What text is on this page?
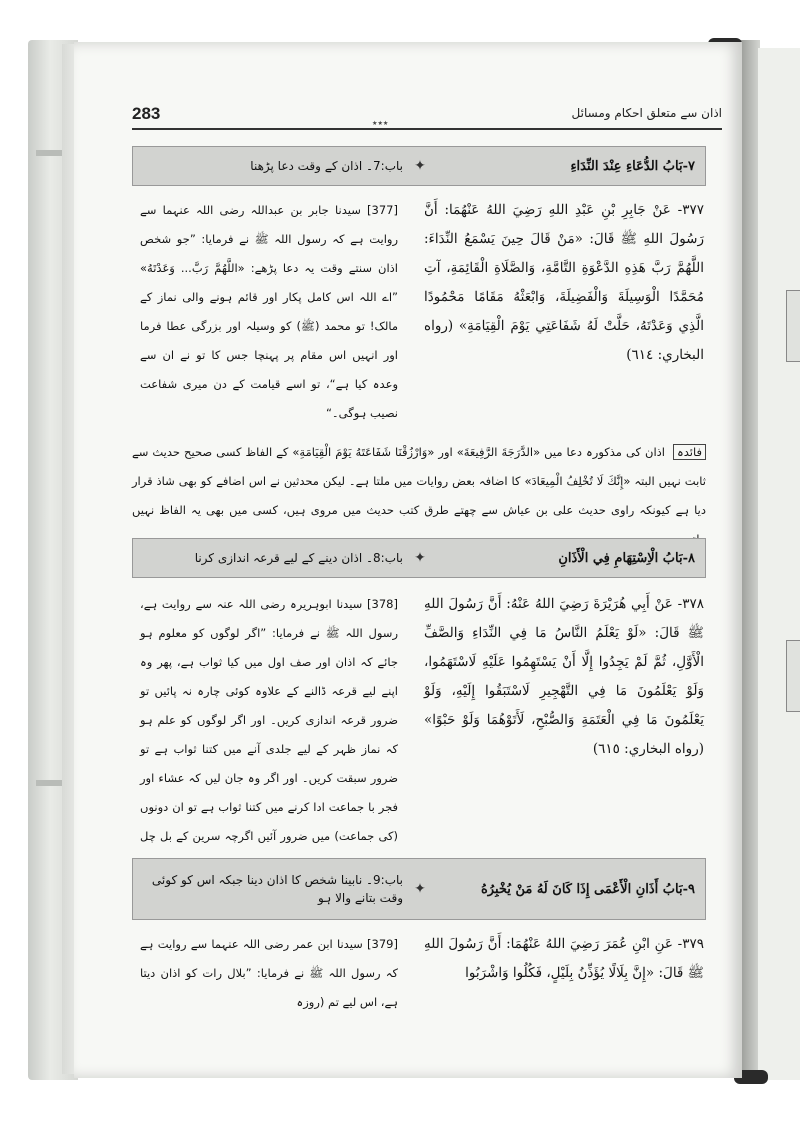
283
٭٭٭
اذان سے متعلق احکام ومسائل
باب:7۔ اذان کے وقت دعا پڑھنا ✦	٧-بَابُ الدُّعَاءِ عِنْدَ النِّدَاءِ
٣٧٧- عَنْ جَابِرِ بْنِ عَبْدِ اللهِ رَضِيَ اللهُ عَنْهُمَا: أَنَّ رَسُولَ اللهِ ﷺ قَالَ: «مَنْ قَالَ حِينَ يَسْمَعُ النِّدَاءَ: اللَّهُمَّ رَبَّ هَذِهِ الدَّعْوَةِ التَّامَّةِ، وَالصَّلَاةِ الْقَائِمَةِ، آتِ مُحَمَّدًا الْوَسِيلَةَ وَالْفَضِيلَةَ، وَابْعَثْهُ مَقَامًا مَحْمُودًا الَّذِي وَعَدْتَهُ، حَلَّتْ لَهُ شَفَاعَتِي يَوْمَ الْقِيَامَةِ» (رواه البخاري: ٦١٤)
[377] سیدنا جابر بن عبداللہ رضی اللہ عنہما سے روایت ہے کہ رسول اللہ ﷺ نے فرمایا: ”جو شخص اذان سنتے وقت یہ دعا پڑھے: «اللَّهُمَّ رَبَّ... وَعَدْتَهُ» ”اے اللہ اس کامل پکار اور قائم ہونے والی نماز کے مالک! تو محمد (ﷺ) کو وسیلہ اور بزرگی عطا فرما اور انہیں اس مقام پر پہنچا جس کا تو نے ان سے وعدہ کیا ہے“، تو اسے قیامت کے دن میری شفاعت نصیب ہوگی۔“
فائدہ اذان کی مذکورہ دعا میں «الدَّرَجَةَ الرَّفِيعَةَ» اور «وَارْزُقْنَا شَفَاعَتَهُ يَوْمَ الْقِيَامَةِ» کے الفاظ کسی صحیح حدیث سے ثابت نہیں البتہ «إِنَّكَ لَا تُخْلِفُ الْمِيعَادَ» کا اضافہ بعض روایات میں ملتا ہے۔ لیکن محدثین نے اس اضافے کو بھی شاذ قرار دیا ہے کیونکہ راوی حدیث علی بن عیاش سے چھتے طرق کتب حدیث میں مروی ہیں، کسی میں بھی یہ الفاظ نہیں
باب:8۔ اذان دینے کے لیے قرعہ اندازی کرنا ✦	٨-بَابُ الْاِسْتِهَامِ فِي الْأَذَانِ
٣٧٨- عَنْ أَبِي هُرَيْرَةَ رَضِيَ اللهُ عَنْهُ: أَنَّ رَسُولَ اللهِ ﷺ قَالَ: «لَوْ يَعْلَمُ النَّاسُ مَا فِي النِّدَاءِ وَالصَّفِّ الْأَوَّلِ، ثُمَّ لَمْ يَجِدُوا إِلَّا أَنْ يَسْتَهِمُوا عَلَيْهِ لَاسْتَهَمُوا، وَلَوْ يَعْلَمُونَ مَا فِي التَّهْجِيرِ لَاسْتَبَقُوا إِلَيْهِ، وَلَوْ يَعْلَمُونَ مَا فِي الْعَتَمَةِ وَالصُّبْحِ، لَأَتَوْهُمَا وَلَوْ حَبْوًا» (رواه البخاري: ٦١٥)
[378] سیدنا ابوہریرہ رضی اللہ عنہ سے روایت ہے، رسول اللہ ﷺ نے فرمایا: ”اگر لوگوں کو معلوم ہو جائے کہ اذان اور صف اول میں کیا ثواب ہے، پھر وہ اپنے لیے قرعہ ڈالنے کے علاوہ کوئی چارہ نہ پائیں تو ضرور قرعہ اندازی کریں۔ اور اگر لوگوں کو علم ہو کہ نماز ظہر کے لیے جلدی آنے میں کتنا ثواب ہے تو ضرور سبقت کریں۔ اور اگر وہ جان لیں کہ عشاء اور فجر با جماعت ادا کرنے میں کتنا ثواب ہے تو ان دونوں (کی جماعت) میں ضرور آئیں اگرچہ سرین کے بل چل
باب:9۔ نابینا شخص کا اذان دینا جبکہ اس کو کوئی وقت بتانے والا ہو
✦	٩-بَابُ أَذَانِ الْأَعْمَى إِذَا كَانَ لَهُ مَنْ يُخْبِرُهُ
٣٧٩- عَنِ ابْنِ عُمَرَ رَضِيَ اللهُ عَنْهُمَا: أَنَّ رَسُولَ اللهِ ﷺ قَالَ: «إِنَّ بِلَالًا يُؤَذِّنُ بِلَيْلٍ، فَكُلُوا وَاشْرَبُوا
[379] سیدنا ابن عمر رضی اللہ عنہما سے روایت ہے کہ رسول اللہ ﷺ نے فرمایا: ”بلال رات کو اذان دیتا ہے، اس لیے تم (روزہ
